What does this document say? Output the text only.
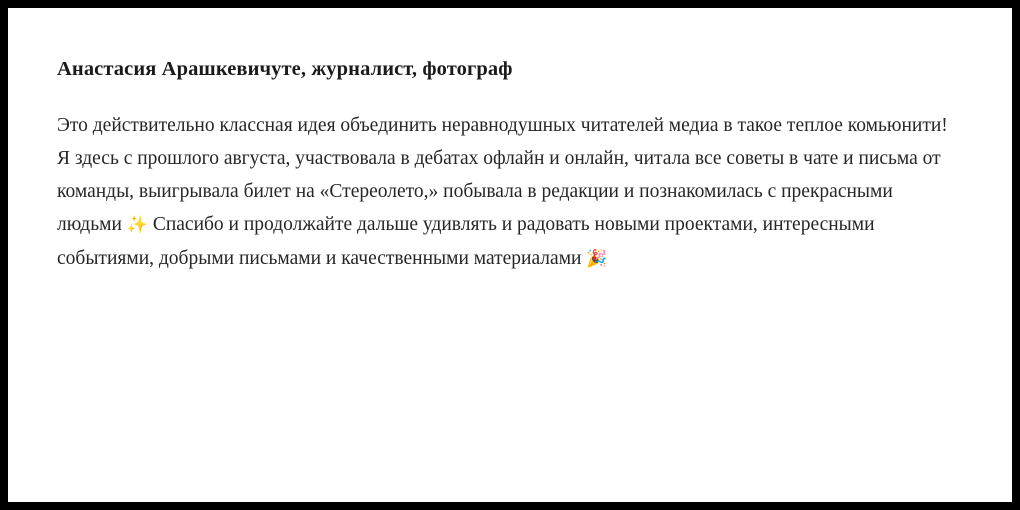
Анастасия Арашкевичуте, журналист, фотограф

Это действительно классная идея объединить неравнодушных читателей медиа в такое теплое комьюнити! Я здесь с прошлого августа, участвовала в дебатах офлайн и онлайн, читала все советы в чате и письма от команды, выигрывала билет на «Стереолето,» побывала в редакции и познакомилась с прекрасными людьми ✨ Спасибо и продолжайте дальше удивлять и радовать новыми проектами, интересными событиями, добрыми письмами и качественными материалами 🎉
